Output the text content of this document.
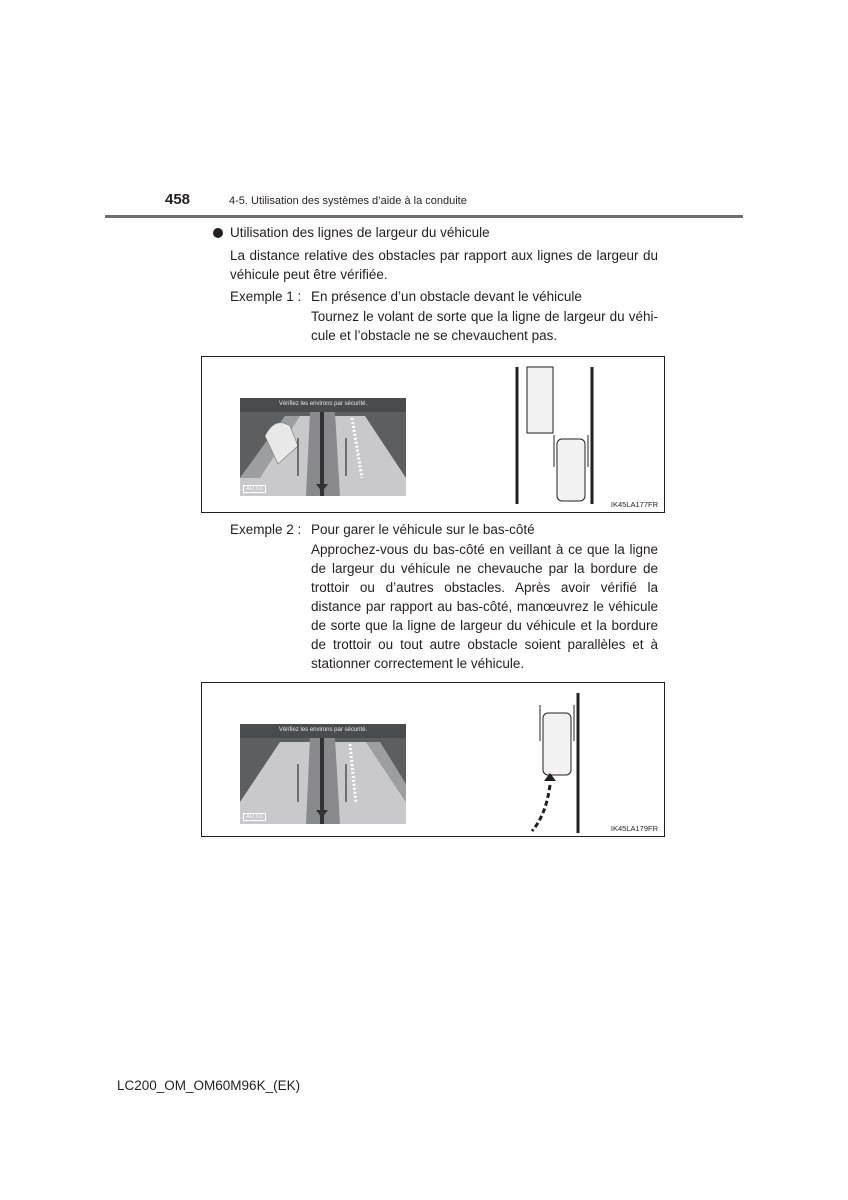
458	4-5. Utilisation des systèmes d’aide à la conduite
Utilisation des lignes de largeur du véhicule
La distance relative des obstacles par rapport aux lignes de largeur du véhicule peut être vérifiée.
Exemple 1 : En présence d’un obstacle devant le véhicule
Tournez le volant de sorte que la ligne de largeur du véhi-cule et l’obstacle ne se chevauchent pas.
Vérifiez les environs par sécurité.
AUTO
IK45LA177FR
Exemple 2 : Pour garer le véhicule sur le bas-côté
Approchez-vous du bas-côté en veillant à ce que la ligne de largeur du véhicule ne chevauche par la bordure de trottoir ou d’autres obstacles. Après avoir vérifié la distance par rapport au bas-côté, manœuvrez le véhicule de sorte que la ligne de largeur du véhicule et la bordure de trottoir ou tout autre obstacle soient parallèles et à stationner correctement le véhicule.
Vérifiez les environs par sécurité.
AUTO
IK45LA179FR
LC200_OM_OM60M96K_(EK)
